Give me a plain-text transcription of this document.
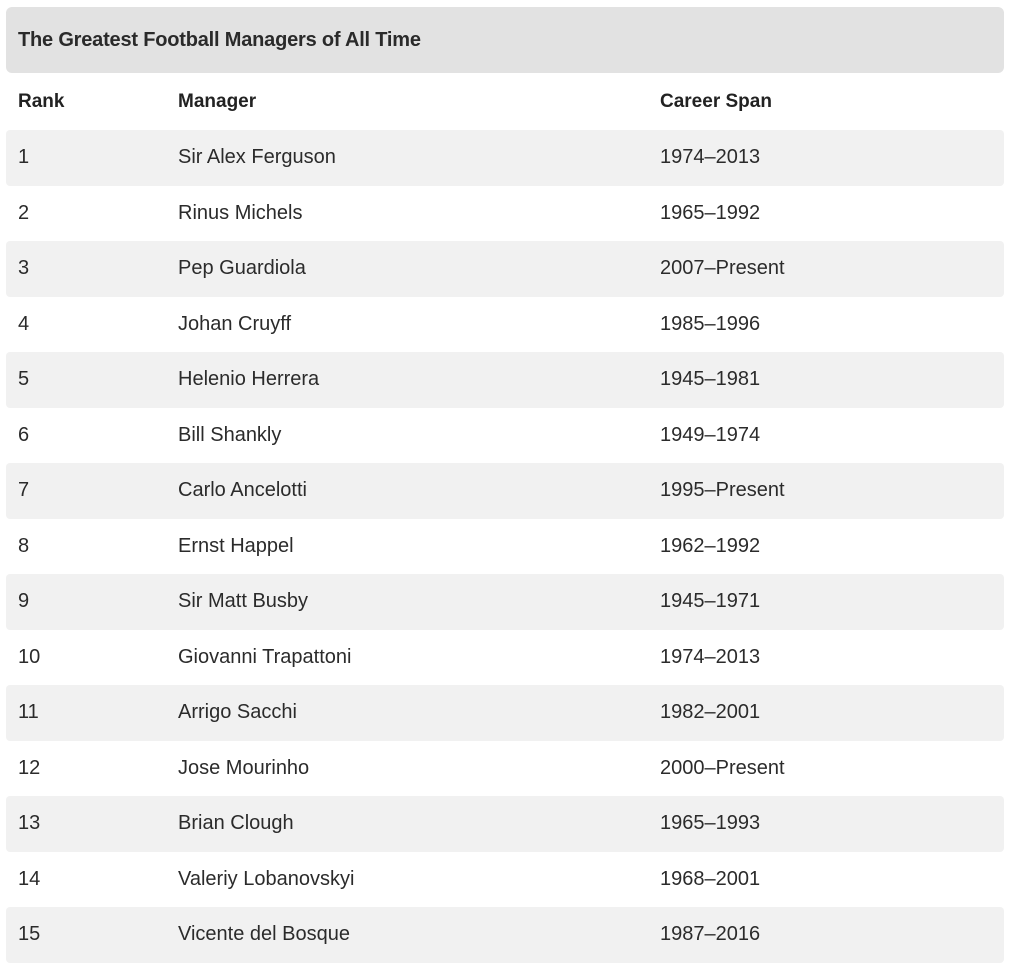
The Greatest Football Managers of All Time
Rank	Manager	Career Span
1	Sir Alex Ferguson	1974–2013
2	Rinus Michels	1965–1992
3	Pep Guardiola	2007–Present
4	Johan Cruyff	1985–1996
5	Helenio Herrera	1945–1981
6	Bill Shankly	1949–1974
7	Carlo Ancelotti	1995–Present
8	Ernst Happel	1962–1992
9	Sir Matt Busby	1945–1971
10	Giovanni Trapattoni	1974–2013
11	Arrigo Sacchi	1982–2001
12	Jose Mourinho	2000–Present
13	Brian Clough	1965–1993
14	Valeriy Lobanovskyi	1968–2001
15	Vicente del Bosque	1987–2016
